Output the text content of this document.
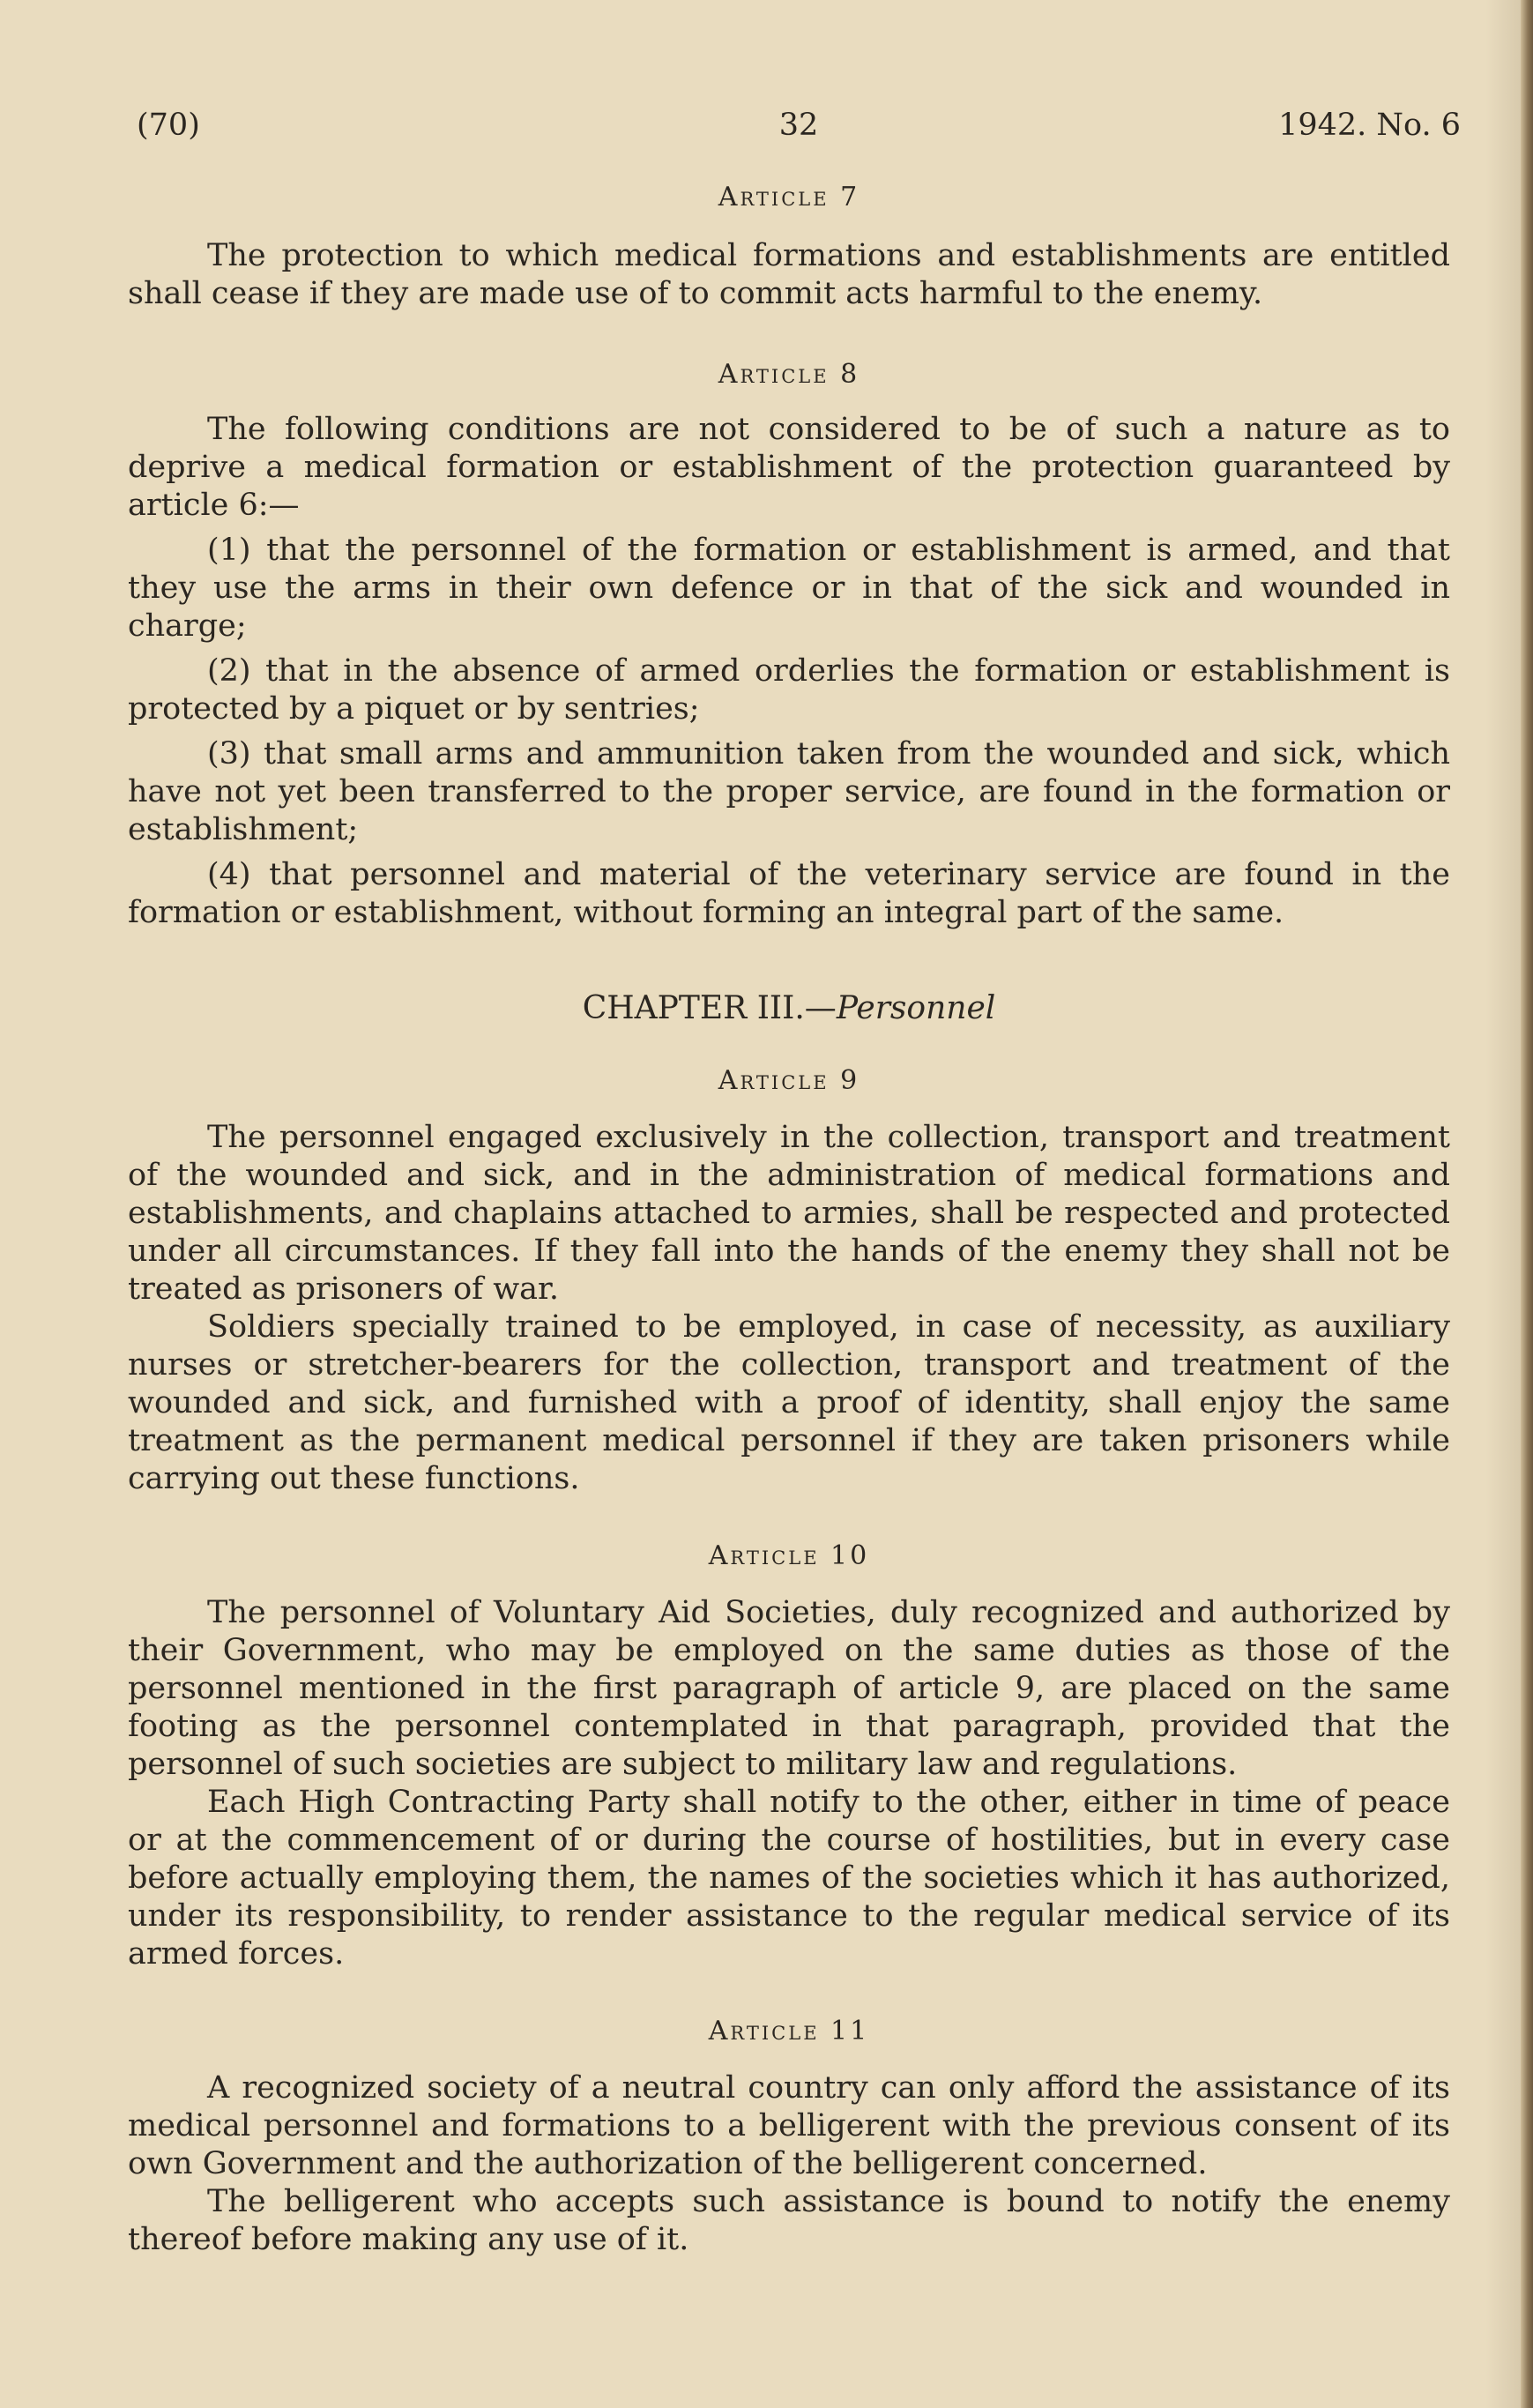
(70)	32	1942. No. 6

Article 7

The protection to which medical formations and establishments are entitled shall cease if they are made use of to commit acts harmful to the enemy.

Article 8

The following conditions are not considered to be of such a nature as to deprive a medical formation or establishment of the protection guaranteed by article 6:—

(1) that the personnel of the formation or establishment is armed, and that they use the arms in their own defence or in that of the sick and wounded in charge;

(2) that in the absence of armed orderlies the formation or establishment is protected by a piquet or by sentries;

(3) that small arms and ammunition taken from the wounded and sick, which have not yet been transferred to the proper service, are found in the formation or establishment;

(4) that personnel and material of the veterinary service are found in the formation or establishment, without forming an integral part of the same.

CHAPTER III.—Personnel

Article 9

The personnel engaged exclusively in the collection, transport and treatment of the wounded and sick, and in the administration of medical formations and establishments, and chaplains attached to armies, shall be respected and protected under all circumstances. If they fall into the hands of the enemy they shall not be treated as prisoners of war.

Soldiers specially trained to be employed, in case of necessity, as auxiliary nurses or stretcher-bearers for the collection, transport and treatment of the wounded and sick, and furnished with a proof of identity, shall enjoy the same treatment as the permanent medical personnel if they are taken prisoners while carrying out these functions.

Article 10

The personnel of Voluntary Aid Societies, duly recognized and authorized by their Government, who may be employed on the same duties as those of the personnel mentioned in the first paragraph of article 9, are placed on the same footing as the personnel contemplated in that paragraph, provided that the personnel of such societies are subject to military law and regulations.

Each High Contracting Party shall notify to the other, either in time of peace or at the commencement of or during the course of hostilities, but in every case before actually employing them, the names of the societies which it has authorized, under its responsibility, to render assistance to the regular medical service of its armed forces.

Article 11

A recognized society of a neutral country can only afford the assistance of its medical personnel and formations to a belligerent with the previous consent of its own Government and the authorization of the belligerent concerned.

The belligerent who accepts such assistance is bound to notify the enemy thereof before making any use of it.
